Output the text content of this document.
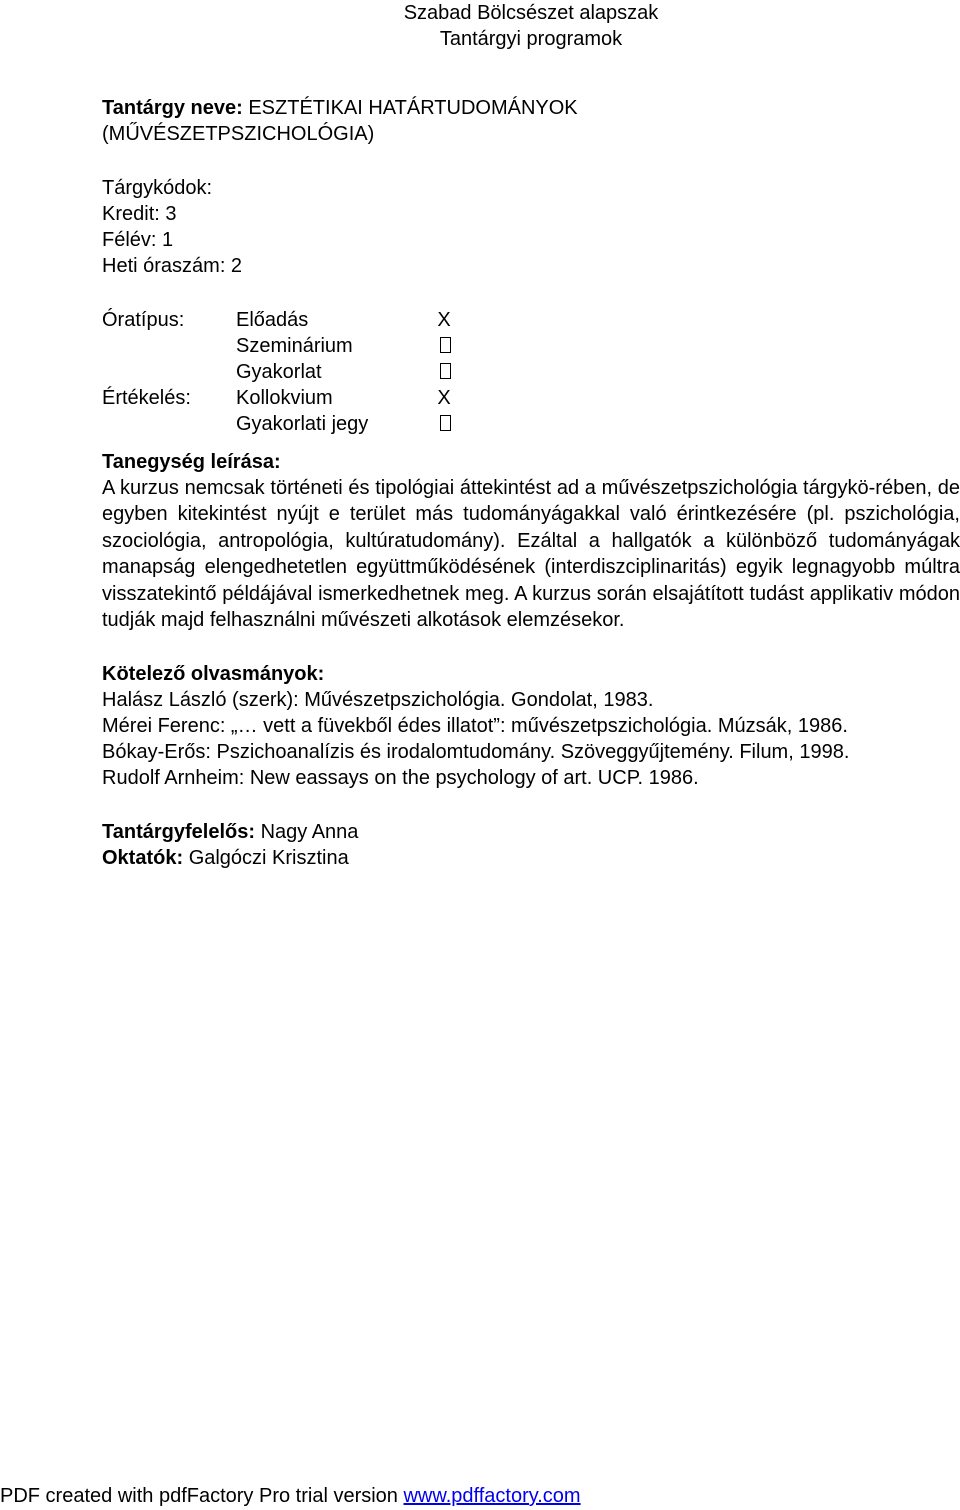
Szabad Bölcsészet alapszak
Tantárgyi programok
Tantárgy neve: ESZTÉTIKAI HATÁRTUDOMÁNYOK
(MŰVÉSZETPSZICHOLÓGIA)
Tárgykódok:
Kredit: 3
Félév: 1
Heti óraszám: 2
Óratípus:	Előadás	X
Szeminárium
Gyakorlat
Értékelés: Kollokvium	X
Gyakorlati jegy
Tanegység leírása:
A kurzus nemcsak történeti és tipológiai áttekintést ad a művészetpszichológia tárgykö-rében, de egyben kitekintést nyújt e terület más tudományágakkal való érintkezésére (pl. pszichológia, szociológia, antropológia, kultúratudomány). Ezáltal a hallgatók a különböző tudományágak manapság elengedhetetlen együttműködésének (interdiszciplinaritás) egyik legnagyobb múltra visszatekintő példájával ismerkedhetnek meg. A kurzus során elsajátított tudást applikativ módon tudják majd felhasználni művészeti alkotások elemzésekor.
Kötelező olvasmányok:
Halász László (szerk): Művészetpszichológia. Gondolat, 1983.
Mérei Ferenc: „… vett a füvekből édes illatot”: művészetpszichológia. Múzsák, 1986.
Bókay-Erős: Pszichoanalízis és irodalomtudomány. Szöveggyűjtemény. Filum, 1998.
Rudolf Arnheim: New eassays on the psychology of art. UCP. 1986.
Tantárgyfelelős: Nagy Anna
Oktatók: Galgóczi Krisztina
PDF created with pdfFactory Pro trial version www.pdffactory.com
